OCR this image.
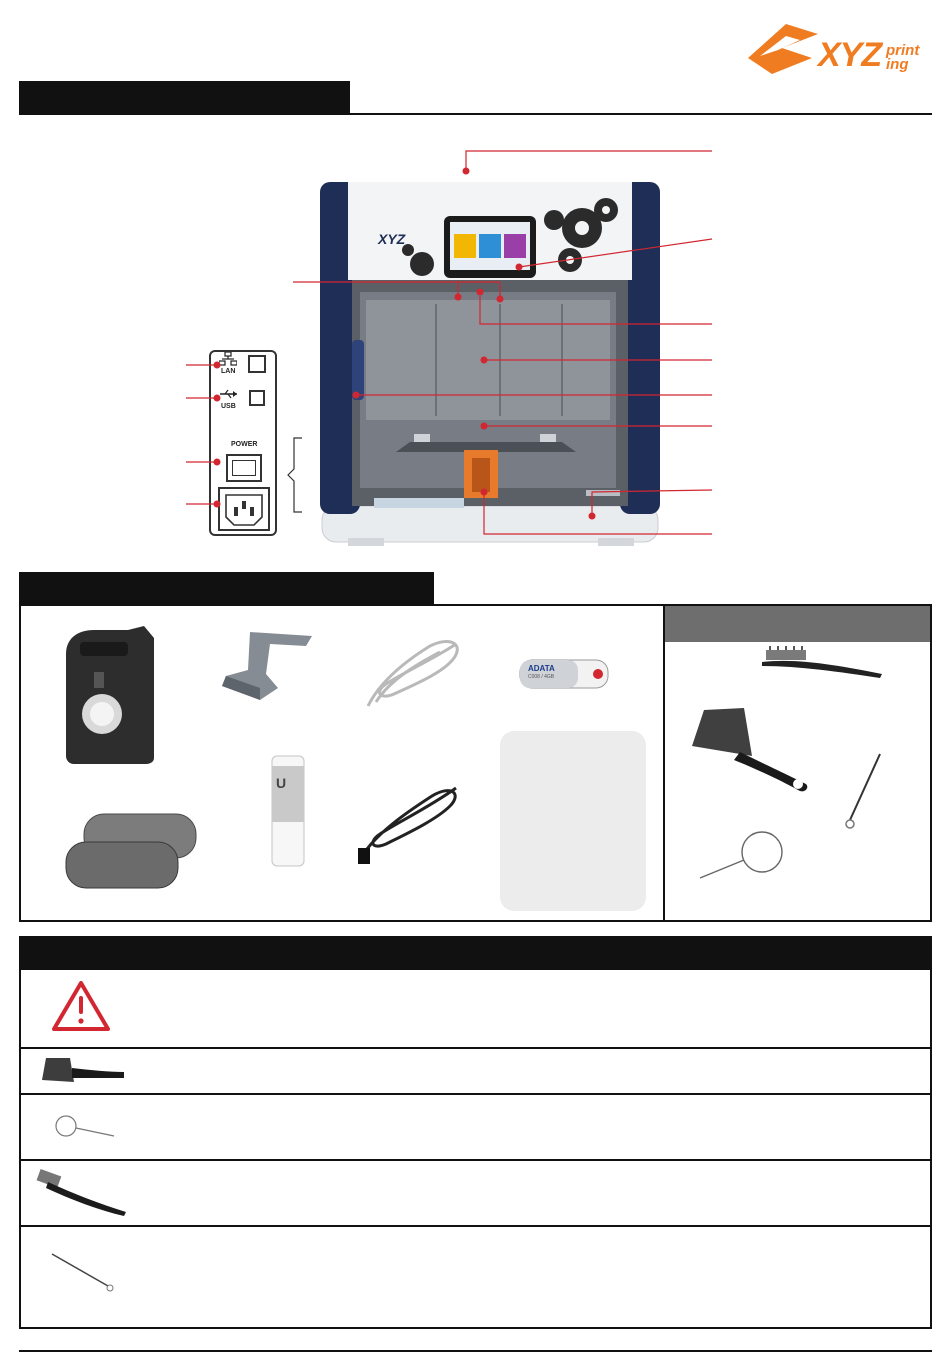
XYZ print
ing
LAN
USB
POWER
XYZ
ADATA
C008 / 4GB
U
